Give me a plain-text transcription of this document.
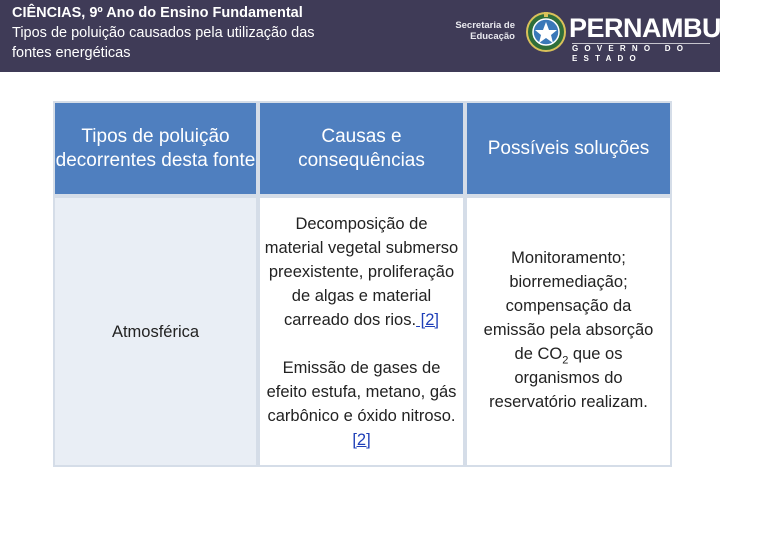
CIÊNCIAS, 9º Ano do Ensino Fundamental
Tipos de poluição causados pela utilização das
fontes energéticas
Secretaria de
Educação PERNAMBUCO
GOVERNO DO ESTADO
Tipos de poluição decorrentes desta fonte
Causas e consequências
Possíveis soluções
Atmosférica
Decomposição de material vegetal submerso preexistente, proliferação de algas e material carreado dos rios. [2]
Emissão de gases de efeito estufa, metano, gás carbônico e óxido nitroso. [2]
Monitoramento; biorremediação; compensação da emissão pela absorção de $CO_2$ que os organismos do reservatório realizam.
